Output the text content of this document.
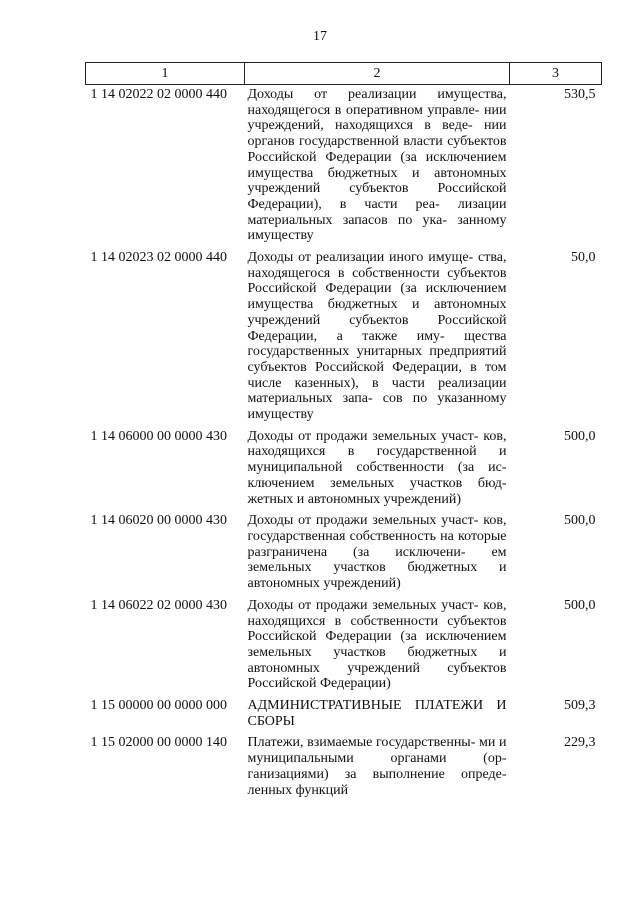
17
1	2	3
1 14 02022 02 0000 440	Доходы от реализации имущества, находящегося в оперативном управле- нии учреждений, находящихся в веде- нии органов государственной власти субъектов Российской Федерации (за исключением имущества бюджетных и автономных учреждений субъектов Российской Федерации), в части реа- лизации материальных запасов по ука- занному имуществу	530,5
1 14 02023 02 0000 440	Доходы от реализации иного имуще- ства, находящегося в собственности субъектов Российской Федерации (за исключением имущества бюджетных и автономных учреждений субъектов Российской Федерации, а также иму- щества государственных унитарных предприятий субъектов Российской Федерации, в том числе казенных), в части реализации материальных запа- сов по указанному имуществу	50,0
1 14 06000 00 0000 430	Доходы от продажи земельных участ- ков, находящихся в государственной и муниципальной собственности (за ис- ключением земельных участков бюд- жетных и автономных учреждений)	500,0
1 14 06020 00 0000 430	Доходы от продажи земельных участ- ков, государственная собственность на которые разграничена (за исключени- ем земельных участков бюджетных и автономных учреждений)	500,0
1 14 06022 02 0000 430	Доходы от продажи земельных участ- ков, находящихся в собственности субъектов Российской Федерации (за исключением земельных участков бюджетных и автономных учреждений субъектов Российской Федерации)	500,0
1 15 00000 00 0000 000	АДМИНИСТРАТИВНЫЕ ПЛАТЕЖИ И СБОРЫ	509,3
1 15 02000 00 0000 140	Платежи, взимаемые государственны- ми и муниципальными органами (ор- ганизациями) за выполнение опреде- ленных функций	229,3
